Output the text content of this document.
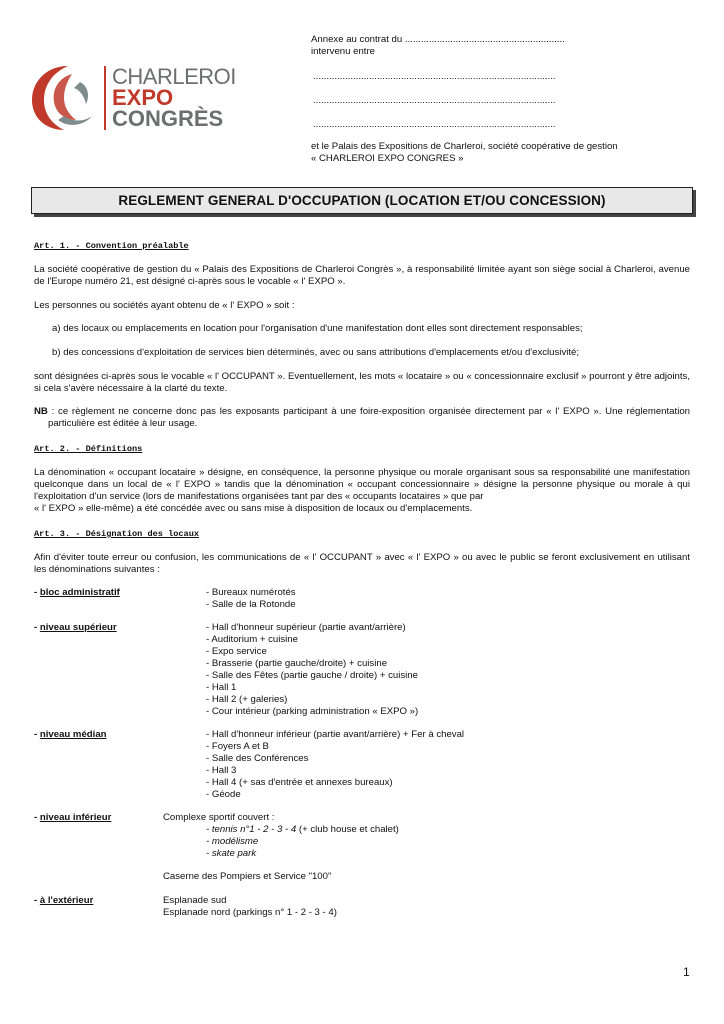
CHARLEROI
EXPO
CONGRÈS
Annexe au contrat du ............................................................
intervenu entre
...........................................................................................
...........................................................................................
...........................................................................................
et le Palais des Expositions de Charleroi, société coopérative de gestion
« CHARLEROI EXPO CONGRES »
REGLEMENT GENERAL D'OCCUPATION (LOCATION ET/OU CONCESSION)
Art. 1. - Convention préalable
La société coopérative de gestion du « Palais des Expositions de Charleroi Congrès », à responsabilité limitée ayant son siège social à Charleroi, avenue de l'Europe numéro 21, est désigné ci-après sous le vocable « l' EXPO ».
Les personnes ou sociétés ayant obtenu de « l' EXPO » soit :
a) des locaux ou emplacements en location pour l'organisation d'une manifestation dont elles sont directement responsables;
b) des concessions d'exploitation de services bien déterminés, avec ou sans attributions d'emplacements et/ou d'exclusivité;
sont désignées ci-après sous le vocable « l' OCCUPANT ». Eventuellement, les mots « locataire » ou « concessionnaire exclusif » pourront y être adjoints, si cela s'avère nécessaire à la clarté du texte.
NB : ce règlement ne concerne donc pas les exposants participant à une foire-exposition organisée directement par « l' EXPO ». Une réglementation particulière est éditée à leur usage.
Art. 2. - Définitions
La dénomination « occupant locataire » désigne, en conséquence, la personne physique ou morale organisant sous sa responsabilité une manifestation quelconque dans un local de « l' EXPO » tandis que la dénomination « occupant concessionnaire » désigne la personne physique ou morale à qui l'exploitation d'un service (lors de manifestations organisées tant par des « occupants locataires » que par
« l' EXPO » elle-même) a été concédée avec ou sans mise à disposition de locaux ou d'emplacements.
Art. 3. - Désignation des locaux
Afin d'éviter toute erreur ou confusion, les communications de « l' OCCUPANT » avec « l' EXPO » ou avec le public se feront exclusivement en utilisant les dénominations suivantes :
- bloc administratif	- Bureaux numérotés
- Salle de la Rotonde
- niveau supérieur	- Hall d'honneur supérieur (partie avant/arrière)
- Auditorium + cuisine
- Expo service
- Brasserie (partie gauche/droite) + cuisine
- Salle des Fêtes (partie gauche / droite) + cuisine
- Hall 1
- Hall 2 (+ galeries)
- Cour intérieur (parking administration « EXPO »)
- niveau médian	- Hall d'honneur inférieur (partie avant/arrière) + Fer à cheval
- Foyers A et B
- Salle des Conférences
- Hall 3
- Hall 4 (+ sas d'entrée et annexes bureaux)
- Géode
- niveau inférieur	Complexe sportif couvert :
- tennis n°1 - 2 - 3 - 4 (+ club house et chalet)
- modélisme
- skate park
Caserne des Pompiers et Service "100"
- à l'extérieur	Esplanade sud
Esplanade nord (parkings n° 1 - 2 - 3 - 4)
1
